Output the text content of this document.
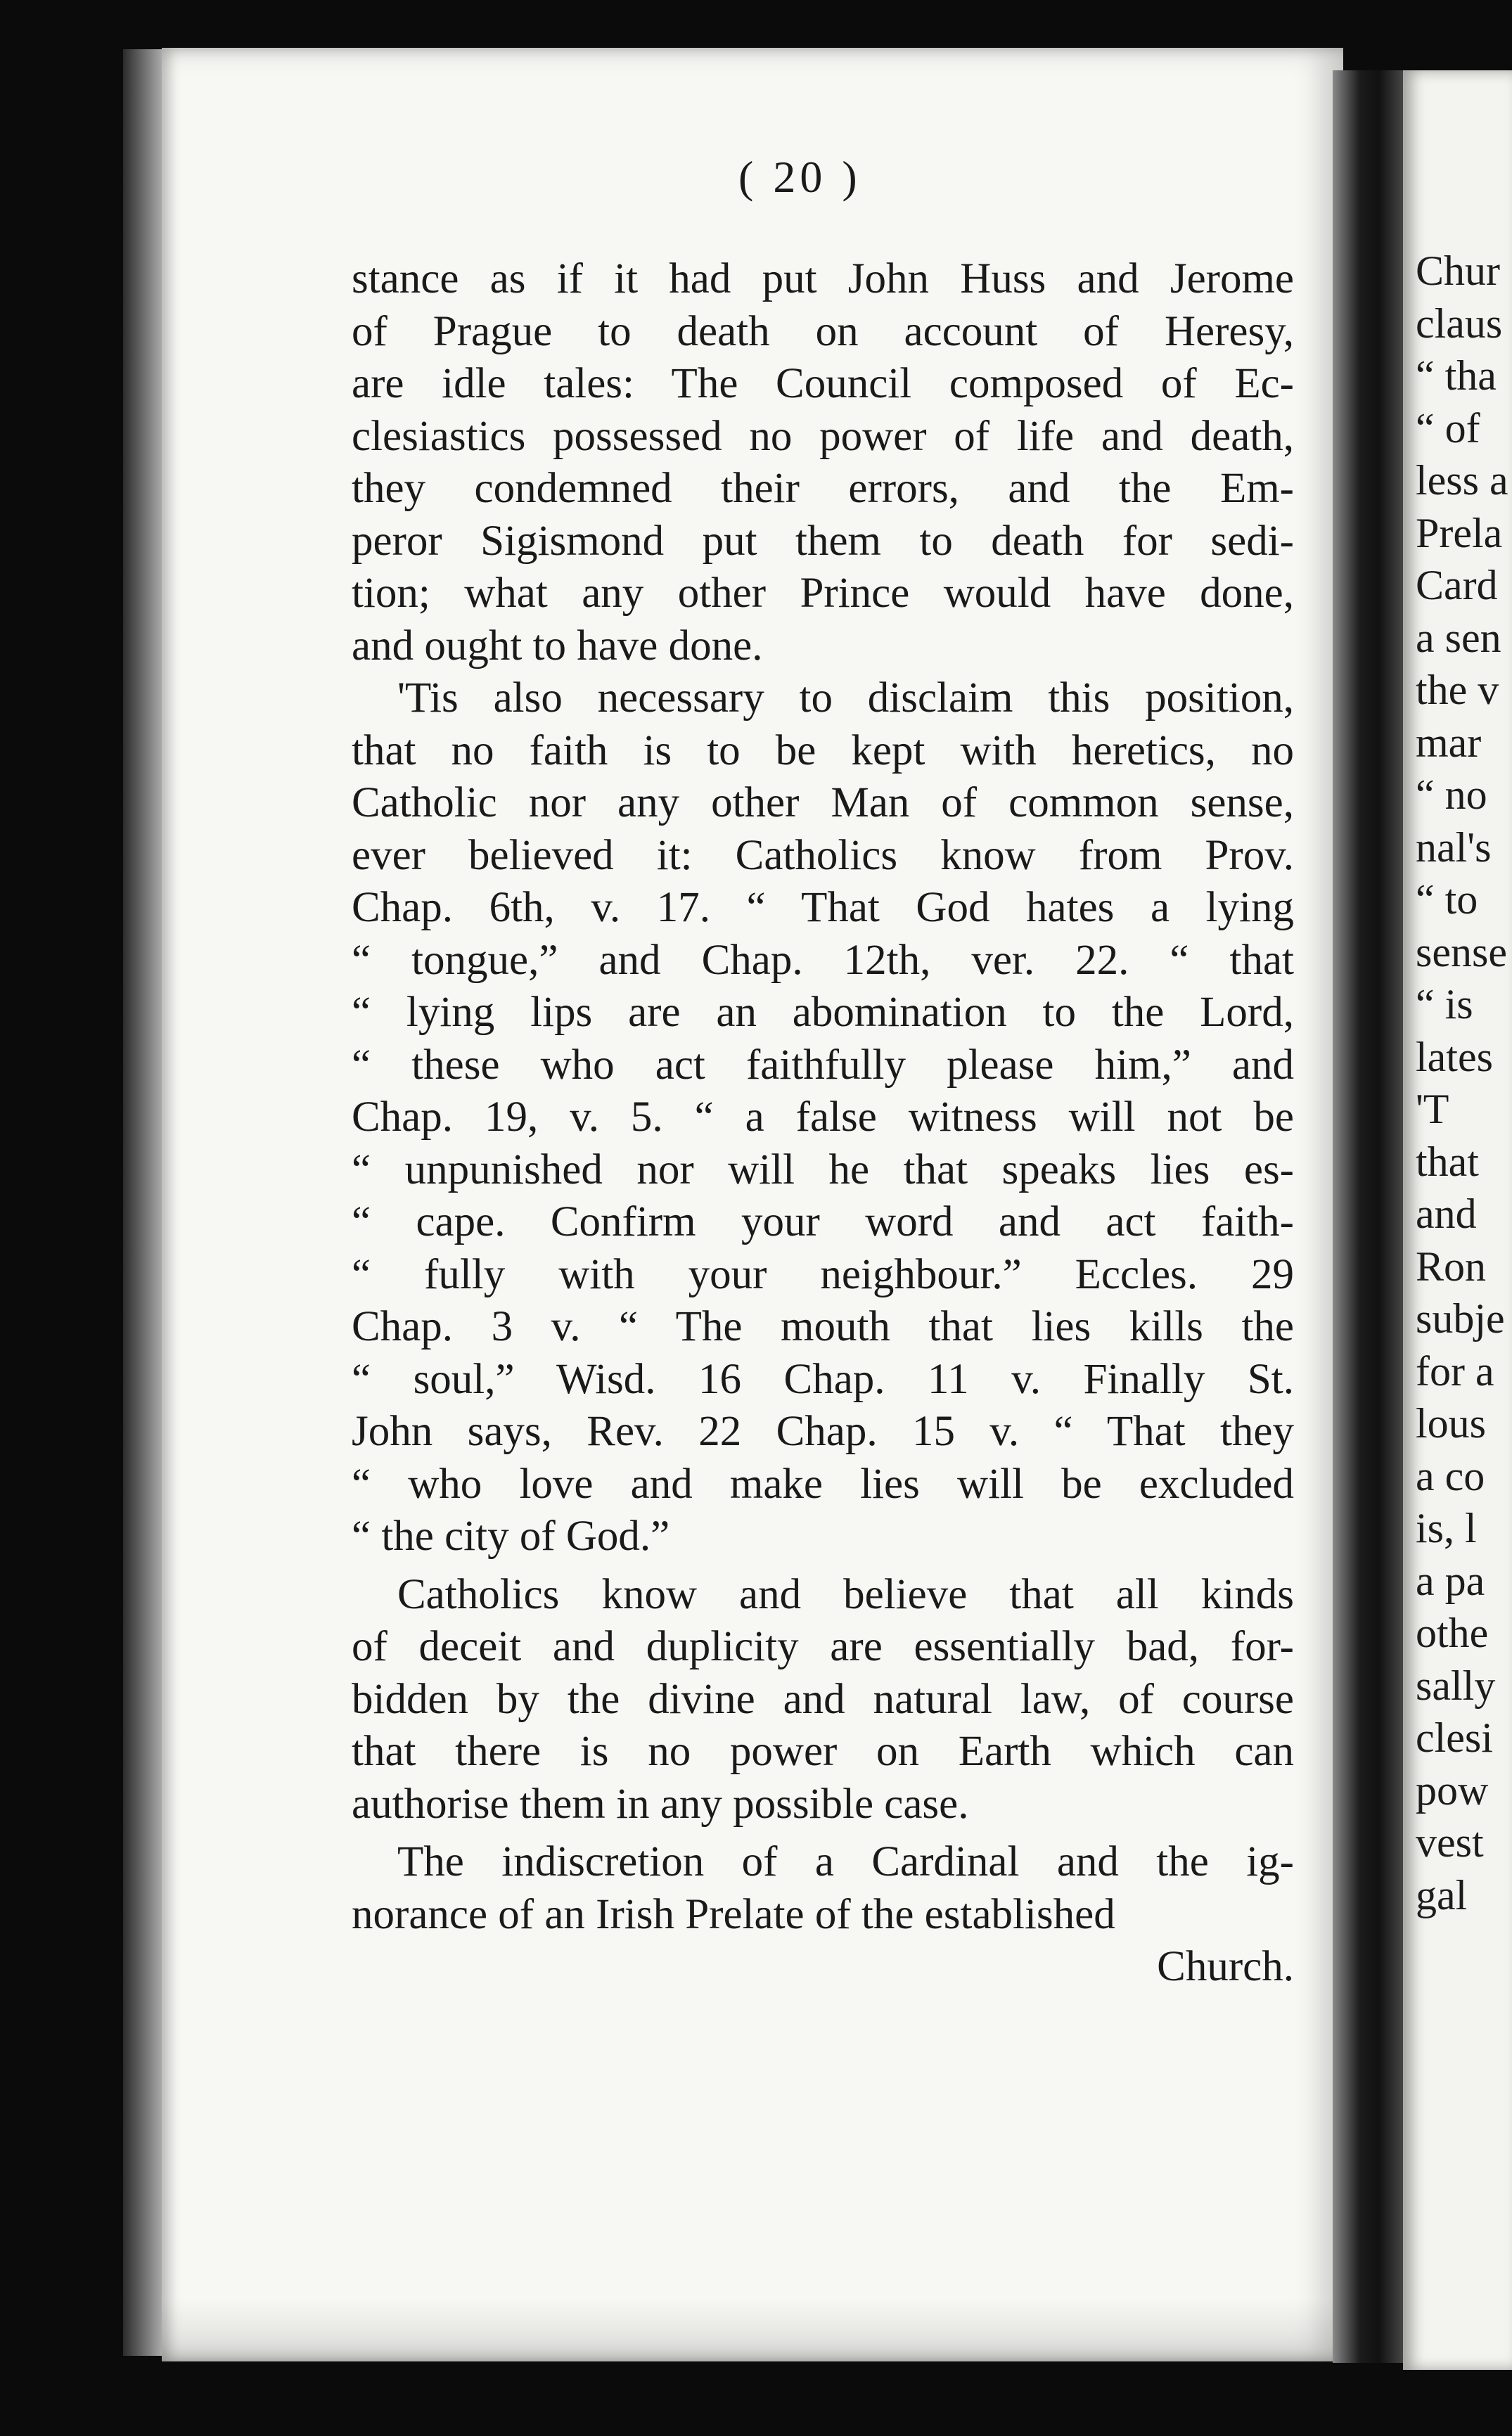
( 20 )
stance as if it had put John Huss and Jerome
of Prague to death on account of Heresy,
are idle tales: The Council composed of Ec-
clesiastics possessed no power of life and death,
they condemned their errors, and the Em-
peror Sigismond put them to death for sedi-
tion; what any other Prince would have done,
and ought to have done.
'Tis also necessary to disclaim this position,
that no faith is to be kept with heretics, no
Catholic nor any other Man of common sense,
ever believed it: Catholics know from Prov.
Chap. 6th, v. 17. “ That God hates a lying
“ tongue,” and Chap. 12th, ver. 22. “ that
“ lying lips are an abomination to the Lord,
“ these who act faithfully please him,” and
Chap. 19, v. 5. “ a false witness will not be
“ unpunished nor will he that speaks lies es-
“ cape. Confirm your word and act faith-
“ fully with your neighbour.” Eccles. 29
Chap. 3 v. “ The mouth that lies kills the
“ soul,” Wisd. 16 Chap. 11 v. Finally St.
John says, Rev. 22 Chap. 15 v. “ That they
“ who love and make lies will be excluded
“ the city of God.”
Catholics know and believe that all kinds
of deceit and duplicity are essentially bad, for-
bidden by the divine and natural law, of course
that there is no power on Earth which can
authorise them in any possible case.
The indiscretion of a Cardinal and the ig-
norance of an Irish Prelate of the established
Church.
Chur
claus
“ tha
“ of
less a
Prela
Card
a sen
the v
mar
“ no
nal's
“ to
sense
“ is
lates
'T
that
and
Ron
subje
for a
lous
a co
is, l
a pa
othe
sally
clesi
pow
vest
gal
